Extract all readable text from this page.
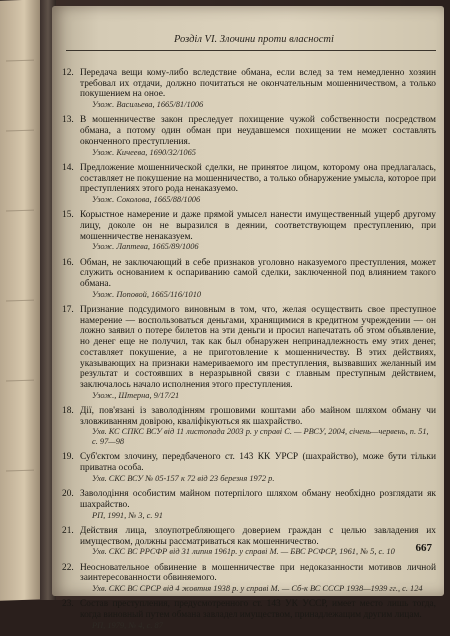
Розділ VI. Злочини проти власності
12. Передача вещи кому-либо вследствие обмана, если вслед за тем немедленно хозяин требовал их отдачи, должно почитаться не окончательным мошенничеством, а только покушением на оное.
Узож. Васильева, 1665/81/1006
13. В мошенничестве закон преследует похищение чужой собственности посредством обмана, а потому один обман при неудавшемся похищении не может составлять оконченного преступления.
Узож. Кичеева, 1690/32/1065
14. Предложение мошеннической сделки, не принятое лицом, которому она предлагалась, составляет не покушение на мошенничество, а только обнаружение умысла, которое при преступлениях этого рода ненаказуемо.
Узож. Соколова, 1665/88/1006
15. Корыстное намерение и даже прямой умысел нанести имущественный ущерб другому лицу, доколе он не выразился в деянии, соответствующем преступлению, при мошенничестве ненаказуем.
Узож. Лаптева, 1665/89/1006
16. Обман, не заключающий в себе признаков уголовно наказуемого преступления, может служить основанием к оспариванию самой сделки, заключенной под влиянием такого обмана.
Узож. Поповой, 1665/116/1010
17. Признание подсудимого виновным в том, что, желая осуществить свое преступное намерение — воспользоваться деньгами, хранящимися в кредитном учреждении — он ложно заявил о потере билетов на эти деньги и просил напечатать об этом объявление, но денег еще не получил, так как был обнаружен непринадлежность ему этих денег, составляет покушение, а не приготовление к мошенничеству. В этих действиях, указывающих на признаки намериваемого им преступления, вызвавших желанный им результат и состоявших в неразрывной связи с главным преступным действием, заключалось начало исполнения этого преступления.
Узож., Штерна, 9/17/21
18. Дії, пов'язані із заволодінням грошовими коштами або майном шляхом обману чи зловживанням довірою, кваліфікуються як шахрайство.
Ухв. КС СПКС ВСУ від 11 листопада 2003 р. у справі С. — РВСУ, 2004, січень—червень, п. 51, с. 97—98
19. Суб'єктом злочину, передбаченого ст. 143 КК УРСР (шахрайство), може бути тільки приватна особа.
Ухв. СКС ВСУ № 05-157 к 72 від 23 березня 1972 р.
20. Заволодіння особистим майном потерпілого шляхом обману необхідно розглядати як шахрайство.
РП, 1991, № 3, с. 91
21. Действия лица, злоупотребляющего доверием граждан с целью завладения их имуществом, должны рассматриваться как мошенничество.
Ухв. СКС ВС РРСФР від 31 липня 1961р. у справі М. — БВС РСФСР, 1961, № 5, с. 10
22. Неосновательное обвинение в мошенничестве при недоказанности мотивов личной заинтересованности обвиняемого.
Ухв. СКС ВС СРСР від 4 жовтня 1938 р. у справі М. — Сб-к ВС СССР 1938—1939 гг., с. 124
23. Состав преступления, предусмотренного ст. 143 УК УССР, имеет место лишь тогда, когда виновный путем обмана завладел имуществом, принадлежащим другим лицам.
РП, 1979, № 4, с. 87
667
